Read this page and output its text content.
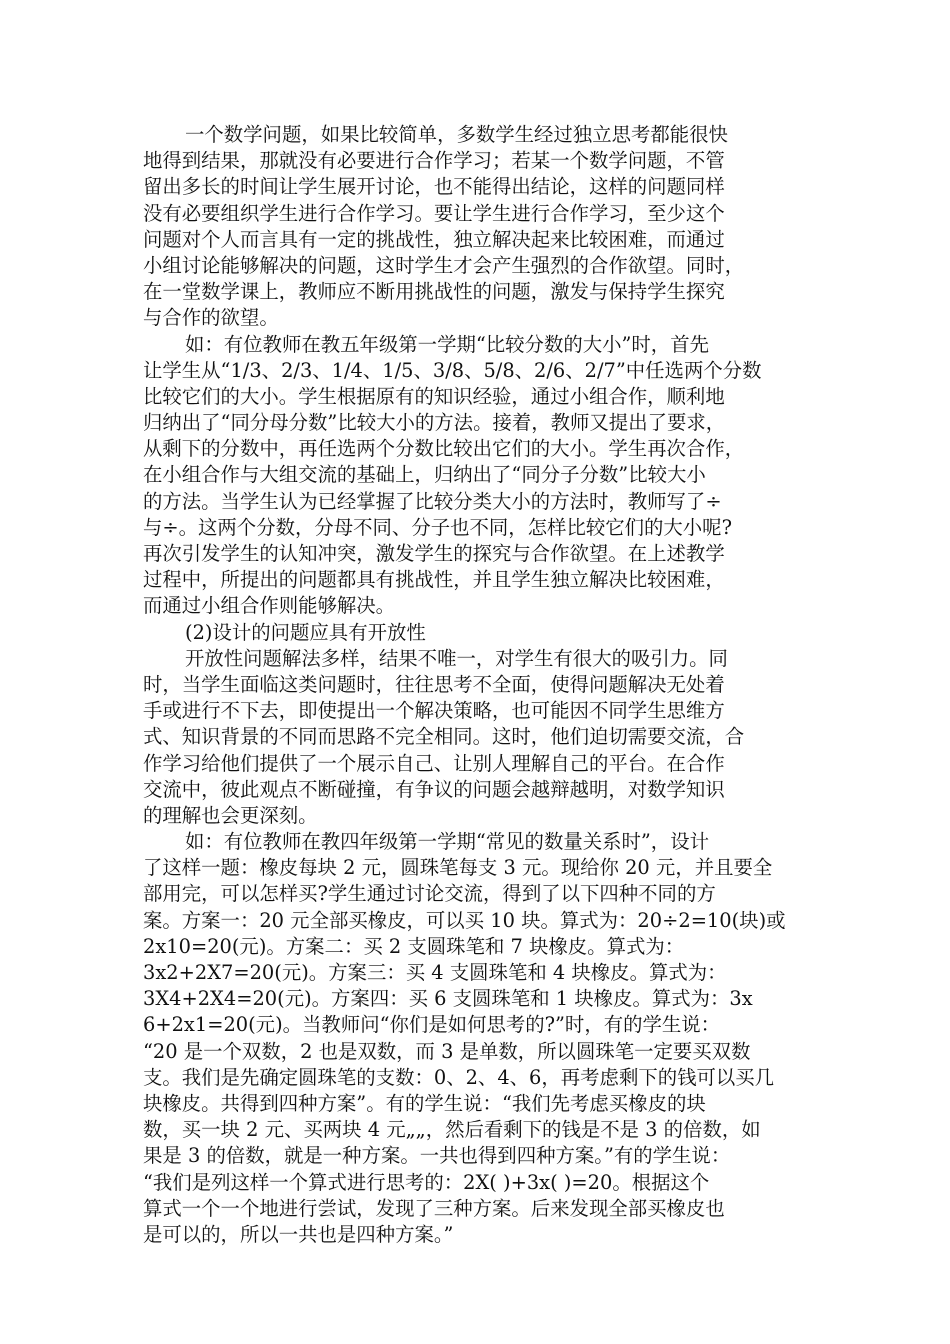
一个数学问题，如果比较简单，多数学生经过独立思考都能很快
地得到结果，那就没有必要进行合作学习；若某一个数学问题，不管
留出多长的时间让学生展开讨论，也不能得出结论，这样的问题同样
没有必要组织学生进行合作学习。要让学生进行合作学习，至少这个
问题对个人而言具有一定的挑战性，独立解决起来比较困难，而通过
小组讨论能够解决的问题，这时学生才会产生强烈的合作欲望。同时，
在一堂数学课上，教师应不断用挑战性的问题，激发与保持学生探究
与合作的欲望。
如：有位教师在教五年级第一学期“比较分数的大小”时，首先
让学生从“1/3、2/3、1/4、1/5、3/8、5/8、2/6、2/7”中任选两个分数
比较它们的大小。学生根据原有的知识经验，通过小组合作，顺利地
归纳出了“同分母分数”比较大小的方法。接着，教师又提出了要求，
从剩下的分数中，再任选两个分数比较出它们的大小。学生再次合作，
在小组合作与大组交流的基础上，归纳出了“同分子分数”比较大小
的方法。当学生认为已经掌握了比较分类大小的方法时，教师写了÷
与÷。这两个分数，分母不同、分子也不同，怎样比较它们的大小呢?
再次引发学生的认知冲突，激发学生的探究与合作欲望。在上述教学
过程中，所提出的问题都具有挑战性，并且学生独立解决比较困难，
而通过小组合作则能够解决。
(2)设计的问题应具有开放性
开放性问题解法多样，结果不唯一，对学生有很大的吸引力。同
时，当学生面临这类问题时，往往思考不全面，使得问题解决无处着
手或进行不下去，即使提出一个解决策略，也可能因不同学生思维方
式、知识背景的不同而思路不完全相同。这时，他们迫切需要交流，合
作学习给他们提供了一个展示自己、让别人理解自己的平台。在合作
交流中，彼此观点不断碰撞，有争议的问题会越辩越明，对数学知识
的理解也会更深刻。
如：有位教师在教四年级第一学期“常见的数量关系时”，设计
了这样一题：橡皮每块 2 元，圆珠笔每支 3 元。现给你 20 元，并且要全
部用完，可以怎样买?学生通过讨论交流，得到了以下四种不同的方
案。方案一：20 元全部买橡皮，可以买 10 块。算式为：20÷2=10(块)或
2x10=20(元)。方案二：买 2 支圆珠笔和 7 块橡皮。算式为：
3x2+2X7=20(元)。方案三：买 4 支圆珠笔和 4 块橡皮。算式为：
3X4+2X4=20(元)。方案四：买 6 支圆珠笔和 1 块橡皮。算式为：3x
6+2x1=20(元)。当教师问“你们是如何思考的?”时，有的学生说：
“20 是一个双数，2 也是双数，而 3 是单数，所以圆珠笔一定要买双数
支。我们是先确定圆珠笔的支数：0、2、4、6，再考虑剩下的钱可以买几
块橡皮。共得到四种方案”。有的学生说：“我们先考虑买橡皮的块
数，买一块 2 元、买两块 4 元„„，然后看剩下的钱是不是 3 的倍数，如
果是 3 的倍数，就是一种方案。一共也得到四种方案。”有的学生说：
“我们是列这样一个算式进行思考的：2X( )+3x( )=20。根据这个
算式一个一个地进行尝试，发现了三种方案。后来发现全部买橡皮也
是可以的，所以一共也是四种方案。”
